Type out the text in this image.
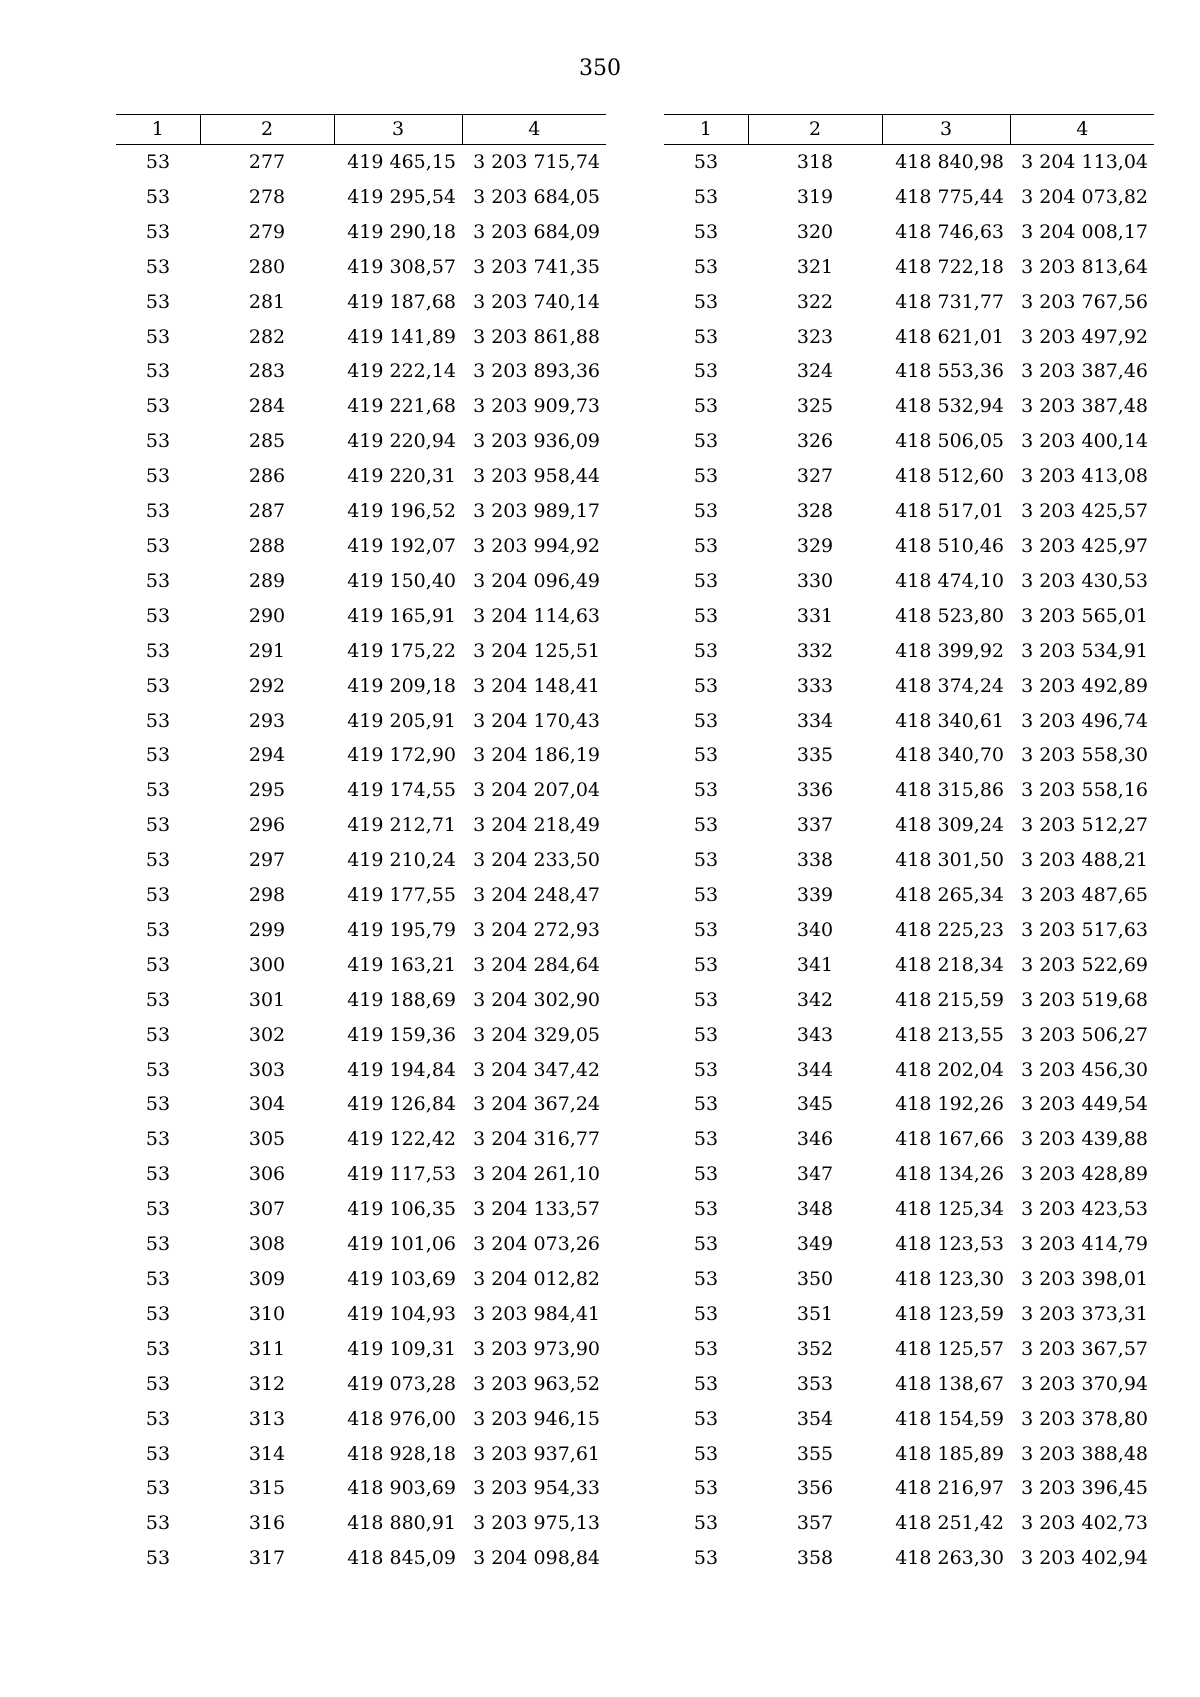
350
1	2	3	4
53	277	419 465,15	3 203 715,74
53	278	419 295,54	3 203 684,05
53	279	419 290,18	3 203 684,09
53	280	419 308,57	3 203 741,35
53	281	419 187,68	3 203 740,14
53	282	419 141,89	3 203 861,88
53	283	419 222,14	3 203 893,36
53	284	419 221,68	3 203 909,73
53	285	419 220,94	3 203 936,09
53	286	419 220,31	3 203 958,44
53	287	419 196,52	3 203 989,17
53	288	419 192,07	3 203 994,92
53	289	419 150,40	3 204 096,49
53	290	419 165,91	3 204 114,63
53	291	419 175,22	3 204 125,51
53	292	419 209,18	3 204 148,41
53	293	419 205,91	3 204 170,43
53	294	419 172,90	3 204 186,19
53	295	419 174,55	3 204 207,04
53	296	419 212,71	3 204 218,49
53	297	419 210,24	3 204 233,50
53	298	419 177,55	3 204 248,47
53	299	419 195,79	3 204 272,93
53	300	419 163,21	3 204 284,64
53	301	419 188,69	3 204 302,90
53	302	419 159,36	3 204 329,05
53	303	419 194,84	3 204 347,42
53	304	419 126,84	3 204 367,24
53	305	419 122,42	3 204 316,77
53	306	419 117,53	3 204 261,10
53	307	419 106,35	3 204 133,57
53	308	419 101,06	3 204 073,26
53	309	419 103,69	3 204 012,82
53	310	419 104,93	3 203 984,41
53	311	419 109,31	3 203 973,90
53	312	419 073,28	3 203 963,52
53	313	418 976,00	3 203 946,15
53	314	418 928,18	3 203 937,61
53	315	418 903,69	3 203 954,33
53	316	418 880,91	3 203 975,13
53	317	418 845,09	3 204 098,84
1	2	3	4
53	318	418 840,98	3 204 113,04
53	319	418 775,44	3 204 073,82
53	320	418 746,63	3 204 008,17
53	321	418 722,18	3 203 813,64
53	322	418 731,77	3 203 767,56
53	323	418 621,01	3 203 497,92
53	324	418 553,36	3 203 387,46
53	325	418 532,94	3 203 387,48
53	326	418 506,05	3 203 400,14
53	327	418 512,60	3 203 413,08
53	328	418 517,01	3 203 425,57
53	329	418 510,46	3 203 425,97
53	330	418 474,10	3 203 430,53
53	331	418 523,80	3 203 565,01
53	332	418 399,92	3 203 534,91
53	333	418 374,24	3 203 492,89
53	334	418 340,61	3 203 496,74
53	335	418 340,70	3 203 558,30
53	336	418 315,86	3 203 558,16
53	337	418 309,24	3 203 512,27
53	338	418 301,50	3 203 488,21
53	339	418 265,34	3 203 487,65
53	340	418 225,23	3 203 517,63
53	341	418 218,34	3 203 522,69
53	342	418 215,59	3 203 519,68
53	343	418 213,55	3 203 506,27
53	344	418 202,04	3 203 456,30
53	345	418 192,26	3 203 449,54
53	346	418 167,66	3 203 439,88
53	347	418 134,26	3 203 428,89
53	348	418 125,34	3 203 423,53
53	349	418 123,53	3 203 414,79
53	350	418 123,30	3 203 398,01
53	351	418 123,59	3 203 373,31
53	352	418 125,57	3 203 367,57
53	353	418 138,67	3 203 370,94
53	354	418 154,59	3 203 378,80
53	355	418 185,89	3 203 388,48
53	356	418 216,97	3 203 396,45
53	357	418 251,42	3 203 402,73
53	358	418 263,30	3 203 402,94
